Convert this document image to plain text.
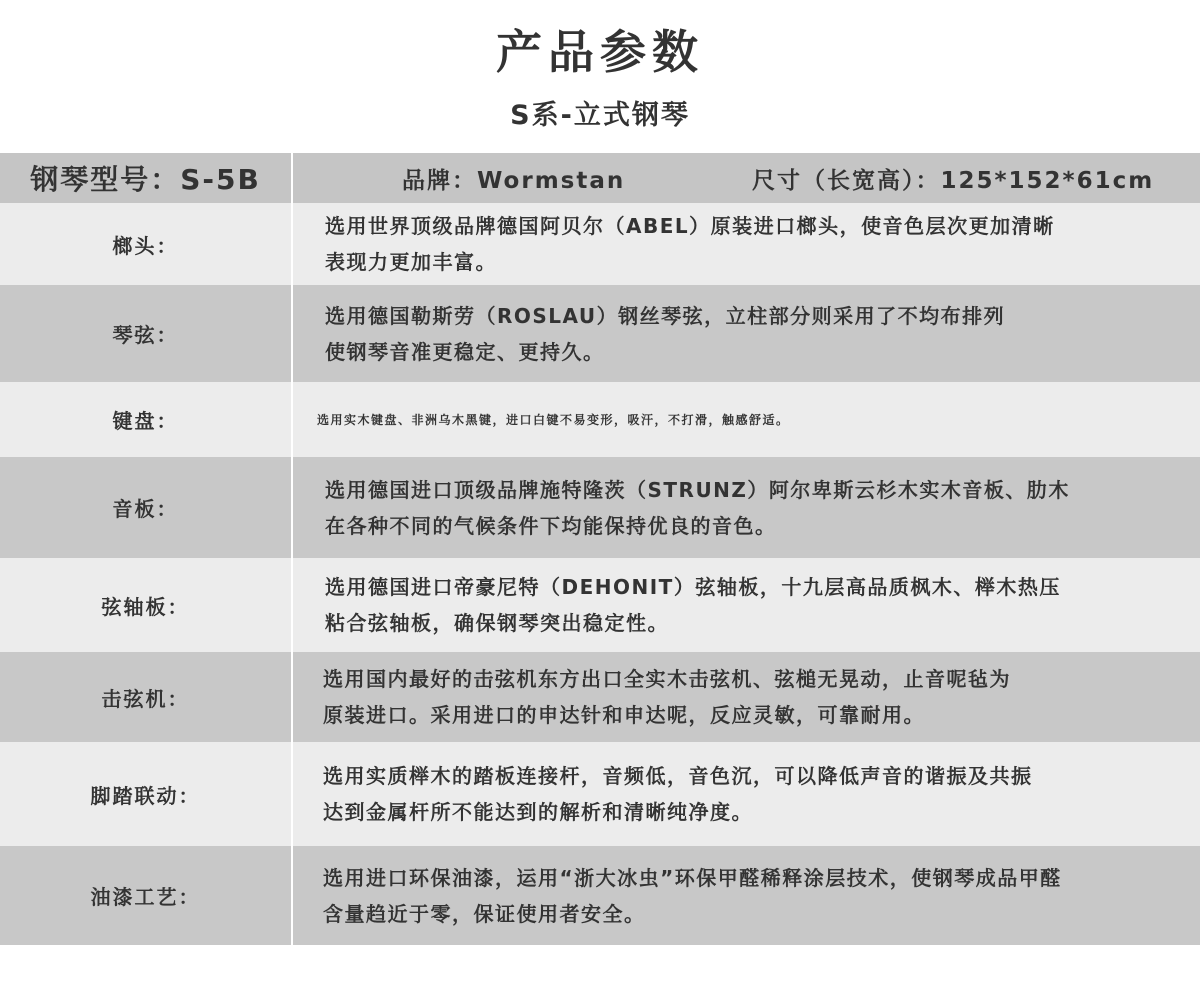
产品参数
S系-立式钢琴
钢琴型号：S-5B	品牌：Wormstan	尺寸（长宽高）：125*152*61cm
榔头：
选用世界顶级品牌德国阿贝尔（ABEL）原装进口榔头，使音色层次更加清晰
表现力更加丰富。
琴弦：
选用德国勒斯劳（ROSLAU）钢丝琴弦，立柱部分则采用了不均布排列
使钢琴音准更稳定、更持久。
键盘：	选用实木键盘、非洲乌木黑键，进口白键不易变形，吸汗，不打滑，触感舒适。
音板：
选用德国进口顶级品牌施特隆茨（STRUNZ）阿尔卑斯云杉木实木音板、肋木
在各种不同的气候条件下均能保持优良的音色。
弦轴板：
选用德国进口帝豪尼特（DEHONIT）弦轴板，十九层高品质枫木、榉木热压
粘合弦轴板，确保钢琴突出稳定性。
击弦机：
选用国内最好的击弦机东方出口全实木击弦机、弦槌无晃动，止音呢毡为
原装进口。采用进口的申达针和申达呢，反应灵敏，可靠耐用。
脚踏联动：
选用实质榉木的踏板连接杆，音频低，音色沉，可以降低声音的谐振及共振
达到金属杆所不能达到的解析和清晰纯净度。
油漆工艺：
选用进口环保油漆，运用“浙大冰虫”环保甲醛稀释涂层技术，使钢琴成品甲醛
含量趋近于零，保证使用者安全。
